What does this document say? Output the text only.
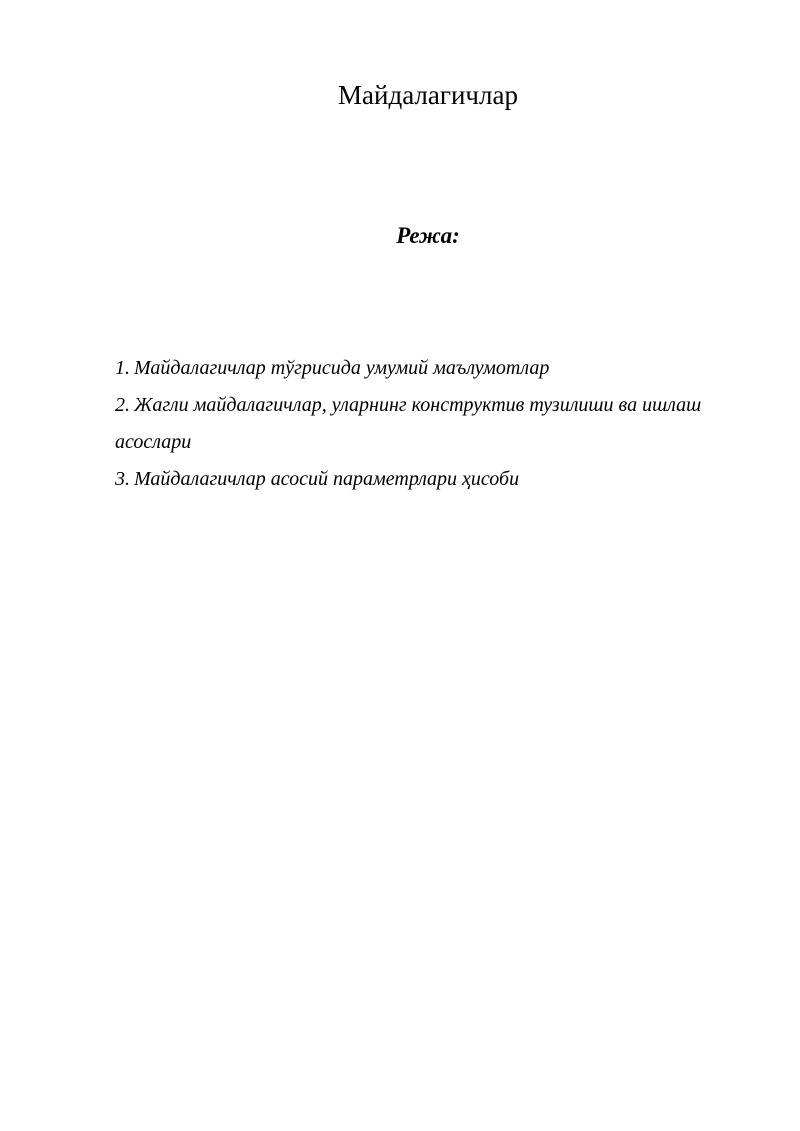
Майдалагичлар
Режа:
1. Майдалагичлар тўгрисида умумий маълумотлар
2. Жагли майдалагичлар, уларнинг конструктив тузилиши ва ишлаш асослари
3. Майдалагичлар асосий параметрлари ҳисоби
